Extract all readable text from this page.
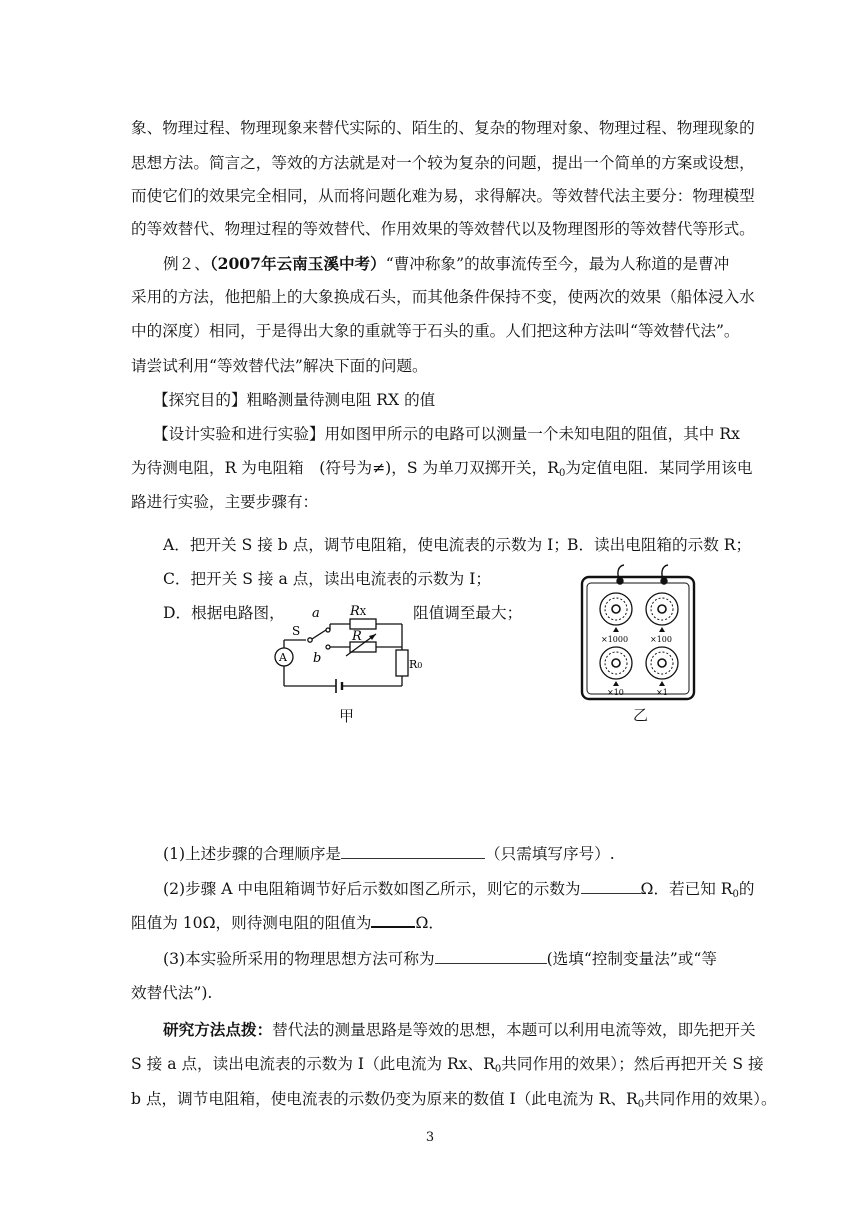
象、物理过程、物理现象来替代实际的、陌生的、复杂的物理对象、物理过程、物理现象的
思想方法。简言之，等效的方法就是对一个较为复杂的问题，提出一个简单的方案或设想，
而使它们的效果完全相同，从而将问题化难为易，求得解决。等效替代法主要分：物理模型
的等效替代、物理过程的等效替代、作用效果的等效替代以及物理图形的等效替代等形式。
例２、（2007年云南玉溪中考）“曹冲称象”的故事流传至今，最为人称道的是曹冲
采用的方法，他把船上的大象换成石头，而其他条件保持不变，使两次的效果（船体浸入水
中的深度）相同，于是得出大象的重就等于石头的重。人们把这种方法叫“等效替代法”。
请尝试利用“等效替代法”解决下面的问题。
【探究目的】粗略测量待测电阻 RX 的值
【设计实验和进行实验】用如图甲所示的电路可以测量一个未知电阻的阻值，其中 Rx
为待测电阻，R 为电阻箱　(符号为≠)，S 为单刀双掷开关，$R_0$为定值电阻．某同学用该电
路进行实验，主要步骤有：
A．把开关 S 接 b 点，调节电阻箱，使电流表的示数为 I；
B．读出电阻箱的示数 R；
C．把开关 S 接 a 点，读出电流表的示数为 I；
D．根据电路图，	阻值调至最大；
a RX
S	R
b
A
R0
甲
×1000	×100
×10	×1
乙
(1)上述步骤的合理顺序是	（只需填写序号）.
(2)步骤 A 中电阻箱调节好后示数如图乙所示，则它的示数为	Ω．若已知 $R_0$的
阻值为 10Ω，则待测电阻的阻值为	Ω．
(3)本实验所采用的物理思想方法可称为	(选填“控制变量法”或“等
效替代法”).
研究方法点拨：替代法的测量思路是等效的思想，本题可以利用电流等效，即先把开关
S 接 a 点，读出电流表的示数为 I（此电流为 Rx、$R_0$共同作用的效果）；然后再把开关 S 接
b 点，调节电阻箱，使电流表的示数仍变为原来的数值 I（此电流为 R、$R_0$共同作用的效果）。
3
